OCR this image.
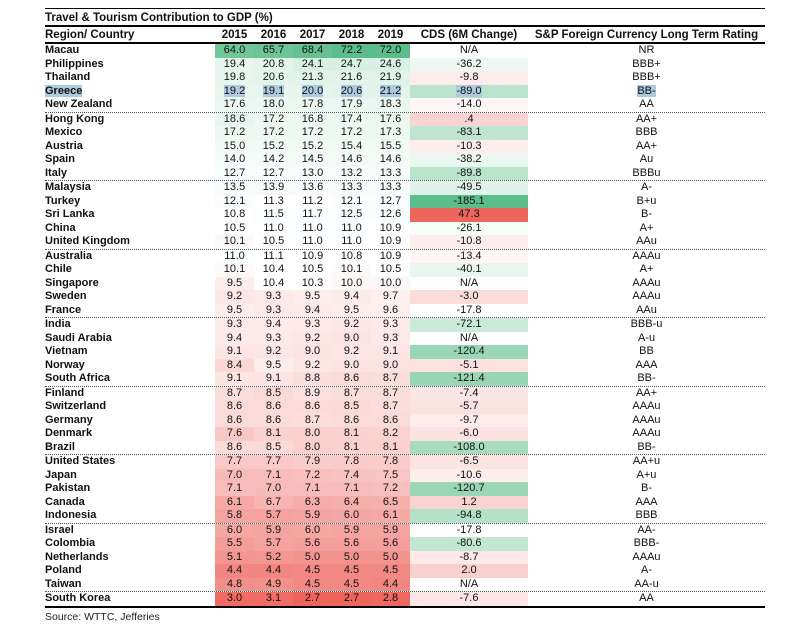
Travel & Tourism Contribution to GDP (%)
Region/ Country	2015	2016	2017	2018	2019	CDS (6M Change)	S&P Foreign Currency Long Term Rating
Macau	64.0	65.7	68.4	72.2	72.0	N/A	NR
Philippines	19.4	20.8	24.1	24.7	24.6	-36.2	BBB+
Thailand	19.8	20.6	21.3	21.6	21.9	-9.8	BBB+
Greece	19.2	19.1	20.0	20.6	21.2	-89.0	BB-
New Zealand	17.6	18.0	17.8	17.9	18.3	-14.0	AA
Hong Kong	18.6	17.2	16.8	17.4	17.6	.4	AA+
Mexico	17.2	17.2	17.2	17.2	17.3	-83.1	BBB
Austria	15.0	15.2	15.2	15.4	15.5	-10.3	AA+
Spain	14.0	14.2	14.5	14.6	14.6	-38.2	Au
Italy	12.7	12.7	13.0	13.2	13.3	-89.8	BBBu
Malaysia	13.5	13.9	13.6	13.3	13.3	-49.5	A-
Turkey	12.1	11.3	11.2	12.1	12.7	-185.1	B+u
Sri Lanka	10.8	11.5	11.7	12.5	12.6	47.3	B-
China	10.5	11.0	11.0	11.0	10.9	-26.1	A+
United Kingdom	10.1	10.5	11.0	11.0	10.9	-10.8	AAu
Australia	11.0	11.1	10.9	10.8	10.9	-13.4	AAAu
Chile	10.1	10.4	10.5	10.1	10.5	-40.1	A+
Singapore	9.5	10.4	10.3	10.0	10.0	N/A	AAAu
Sweden	9.2	9.3	9.5	9.4	9.7	-3.0	AAAu
France	9.5	9.3	9.4	9.5	9.6	-17.8	AAu
India	9.3	9.4	9.3	9.2	9.3	-72.1	BBB-u
Saudi Arabia	9.4	9.3	9.2	9.0	9.3	N/A	A-u
Vietnam	9.1	9.2	9.0	9.2	9.1	-120.4	BB
Norway	8.4	9.5	9.2	9.0	9.0	-5.1	AAA
South Africa	9.1	9.1	8.8	8.6	8.7	-121.4	BB-
Finland	8.7	8.5	8.9	8.7	8.7	-7.4	AA+
Switzerland	8.6	8.6	8.6	8.5	8.7	-5.7	AAAu
Germany	8.6	8.6	8.7	8.6	8.6	-9.7	AAAu
Denmark	7.6	8.1	8.0	8.1	8.2	-6.0	AAAu
Brazil	8.6	8.5	8.0	8.1	8.1	-108.0	BB-
United States	7.7	7.7	7.9	7.8	7.8	-6.5	AA+u
Japan	7.0	7.1	7.2	7.4	7.5	-10.6	A+u
Pakistan	7.1	7.0	7.1	7.1	7.2	-120.7	B-
Canada	6.1	6.7	6.3	6.4	6.5	1.2	AAA
Indonesia	5.8	5.7	5.9	6.0	6.1	-94.8	BBB
Israel	6.0	5.9	6.0	5.9	5.9	-17.8	AA-
Colombia	5.5	5.7	5.6	5.6	5.6	-80.6	BBB-
Netherlands	5.1	5.2	5.0	5.0	5.0	-8.7	AAAu
Poland	4.4	4.4	4.5	4.5	4.5	2.0	A-
Taiwan	4.8	4.9	4.5	4.5	4.4	N/A	AA-u
South Korea	3.0	3.1	2.7	2.7	2.8	-7.6	AA
Source: WTTC, Jefferies
